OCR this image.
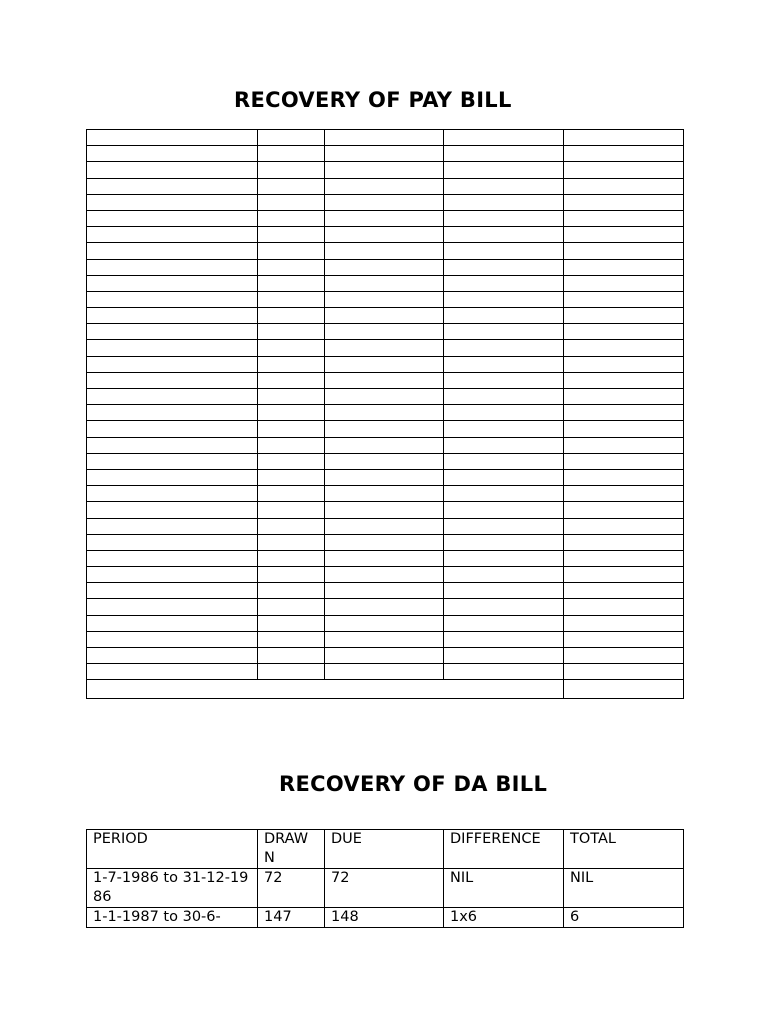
RECOVERY OF PAY BILL

RECOVERY OF DA BILL
PERIOD	DRAWN	DUE	DIFFERENCE	TOTAL
1-7-1986 to 31-12-1986	72	72	NIL	NIL
1-1-1987 to 30-6-	147	148	1x6	6
